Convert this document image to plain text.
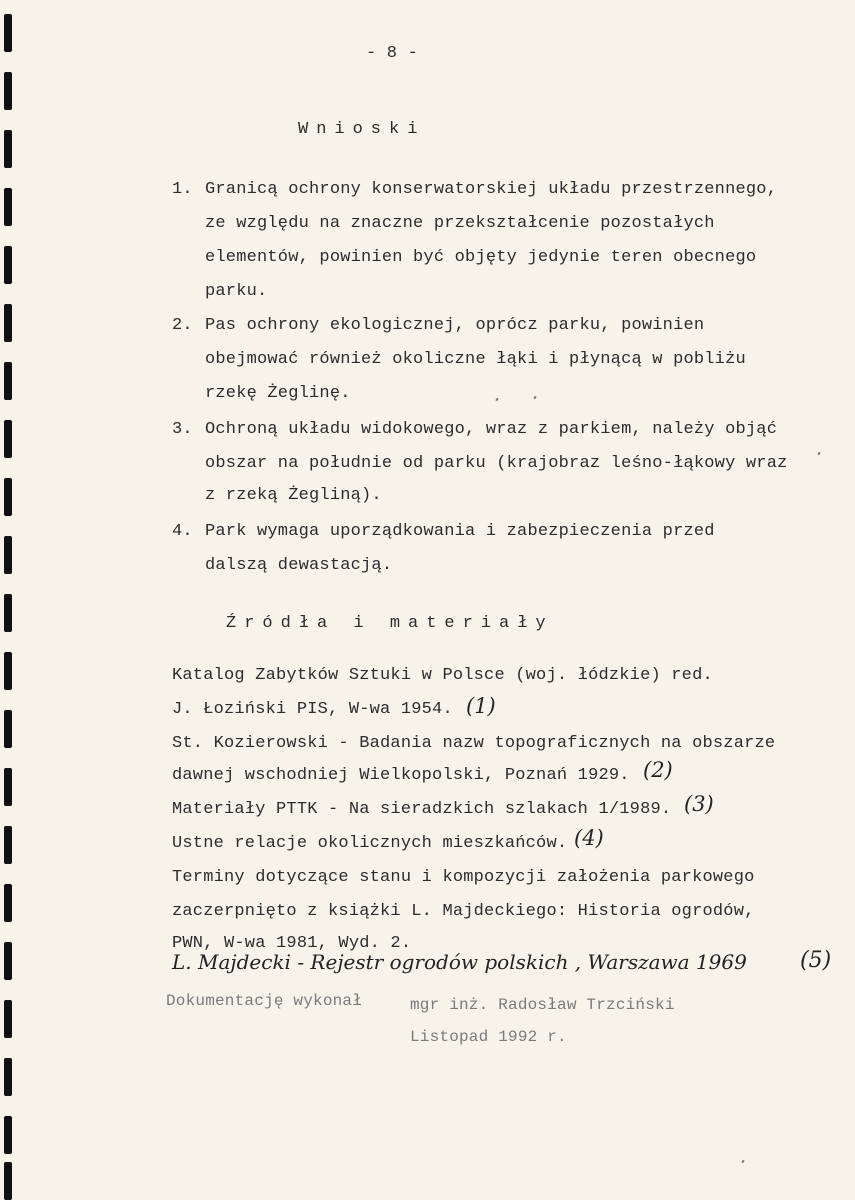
- 8 -
Wnioski
1. Granicą ochrony konserwatorskiej układu przestrzennego,
ze względu na znaczne przekształcenie pozostałych
elementów, powinien być objęty jedynie teren obecnego
parku.
2. Pas ochrony ekologicznej, oprócz parku, powinien
obejmować również okoliczne łąki i płynącą w pobliżu
rzekę Żeglinę.
3. Ochroną układu widokowego, wraz z parkiem, należy objąć
obszar na południe od parku (krajobraz leśno-łąkowy wraz
z rzeką Żegliną).
4. Park wymaga uporządkowania i zabezpieczenia przed
dalszą dewastacją.
Źródła i materiały
Katalog Zabytków Sztuki w Polsce (woj. łódzkie) red.
J. Łoziński PIS, W-wa 1954. (1)
St. Kozierowski - Badania nazw topograficznych na obszarze
dawnej wschodniej Wielkopolski, Poznań 1929. (2)
Materiały PTTK - Na sieradzkich szlakach 1/1989. (3)
Ustne relacje okolicznych mieszkańców. (4)
Terminy dotyczące stanu i kompozycji założenia parkowego
zaczerpnięto z książki L. Majdeckiego: Historia ogrodów,
PWN, W-wa 1981, Wyd. 2.
L. Majdecki - Rejestr ogrodów polskich , Warszawa 1969 (5)
Dokumentację wykonał	mgr inż. Radosław Trzciński
Listopad 1992 r.
